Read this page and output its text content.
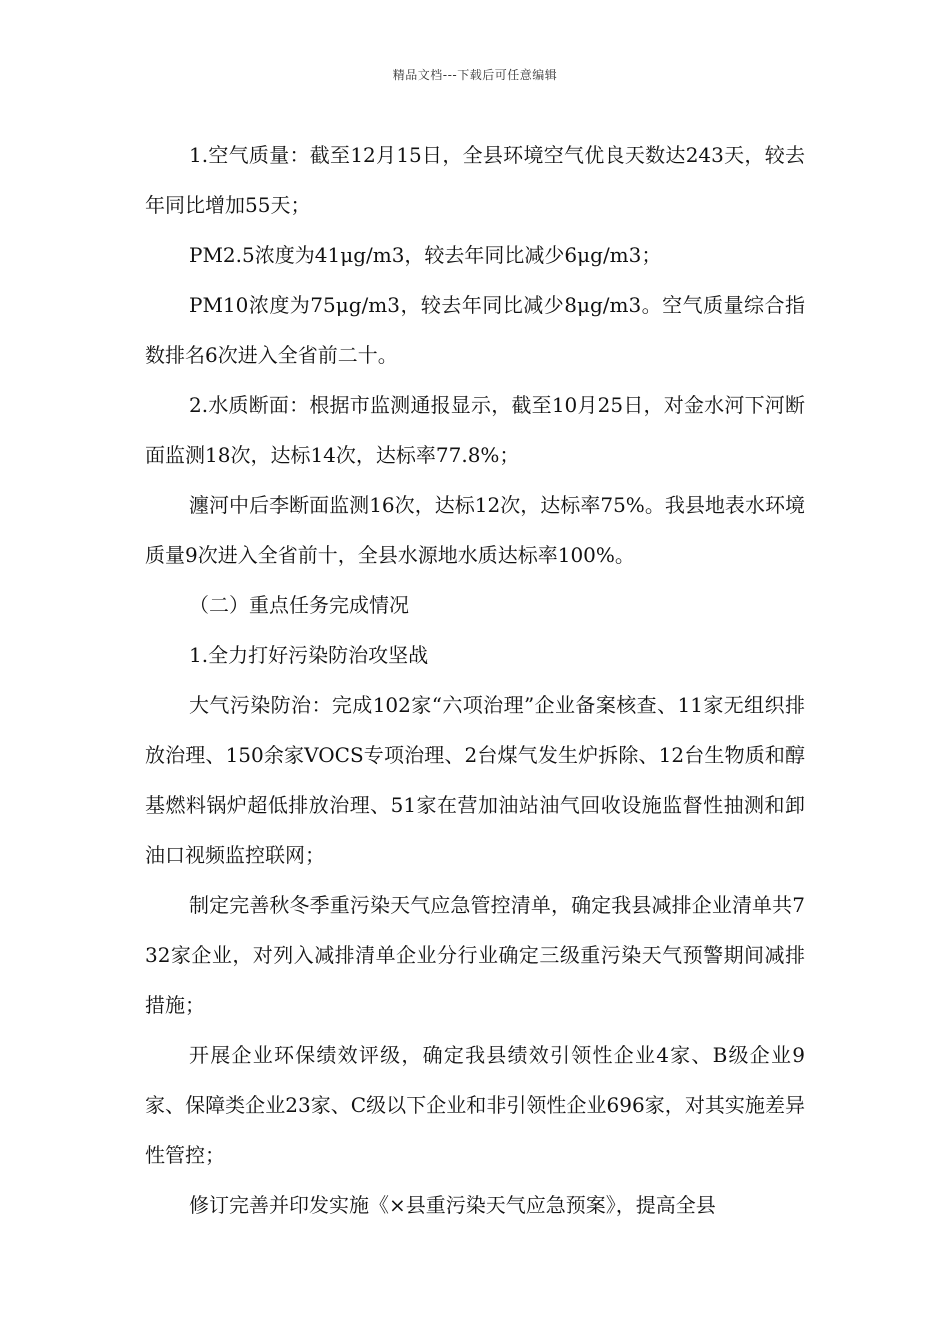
精品文档---下载后可任意编辑

1.空气质量：截至12月15日，全县环境空气优良天数达243天，较去年同比增加55天；

PM2.5浓度为41μg/m3，较去年同比减少6μg/m3；

PM10浓度为75μg/m3，较去年同比减少8μg/m3。空气质量综合指数排名6次进入全省前二十。

2.水质断面：根据市监测通报显示，截至10月25日，对金水河下河断面监测18次，达标14次，达标率77.8%；

瀍河中后李断面监测16次，达标12次，达标率75%。我县地表水环境质量9次进入全省前十，全县水源地水质达标率100%。

（二）重点任务完成情况

1.全力打好污染防治攻坚战

大气污染防治：完成102家“六项治理”企业备案核查、11家无组织排放治理、150余家VOCS专项治理、2台煤气发生炉拆除、12台生物质和醇基燃料锅炉超低排放治理、51家在营加油站油气回收设施监督性抽测和卸油口视频监控联网；

制定完善秋冬季重污染天气应急管控清单，确定我县减排企业清单共732家企业，对列入减排清单企业分行业确定三级重污染天气预警期间减排措施；

开展企业环保绩效评级，确定我县绩效引领性企业4家、B级企业9家、保障类企业23家、C级以下企业和非引领性企业696家，对其实施差异性管控；

修订完善并印发实施《×县重污染天气应急预案》，提高全县
